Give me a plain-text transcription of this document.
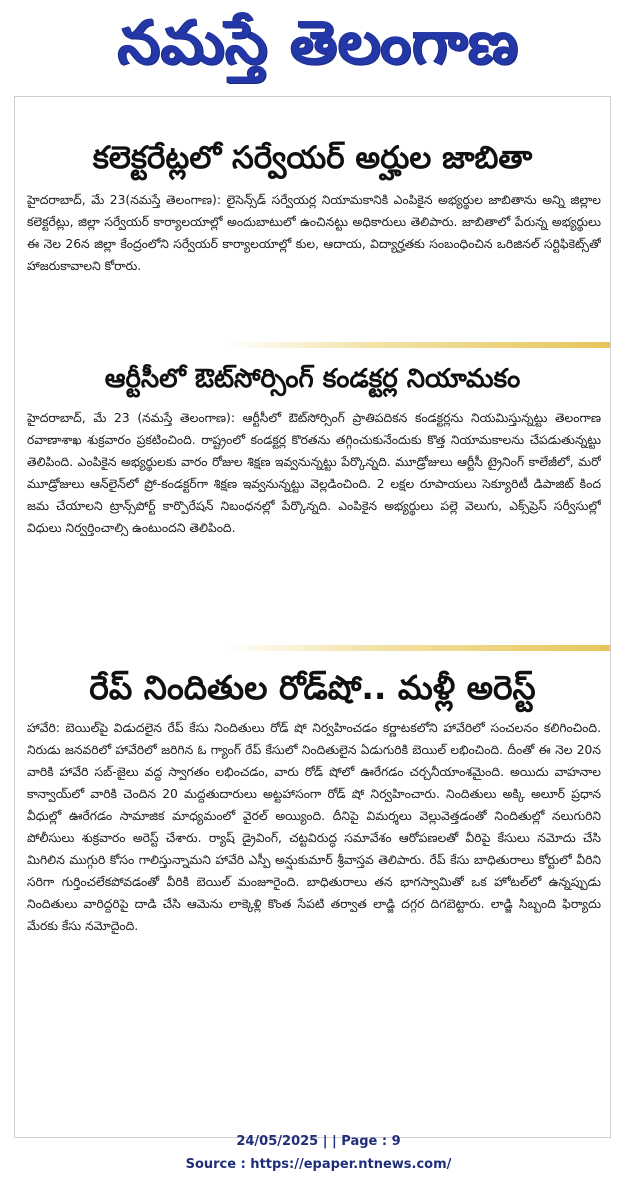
నమస్తే తెలంగాణ
కలెక్టరేట్లలో సర్వేయర్‌ అర్హుల జాబితా
హైదరాబాద్‌, మే 23(నమస్తే తెలంగాణ): లైసెన్స్‌డ్‌ సర్వేయర్ల నియామకానికి ఎంపికైన అభ్యర్థుల జాబితాను అన్ని జిల్లాల కలెక్టరేట్లు, జిల్లా సర్వేయర్‌ కార్యాలయాల్లో అందుబాటులో ఉంచినట్టు అధికారులు తెలిపారు. జాబితాలో పేరున్న అభ్యర్థులు ఈ నెల 26న జిల్లా కేంద్రంలోని సర్వేయర్‌ కార్యాలయాల్లో కుల, ఆదాయ, విద్యార్హతకు సంబంధించిన ఒరిజినల్‌ సర్టిఫికెట్స్‌తో హాజరుకావాలని కోరారు.
ఆర్టీసీలో ఔట్‌సోర్సింగ్‌ కండక్టర్ల నియామకం
హైదరాబాద్‌, మే 23 (నమస్తే తెలంగాణ): ఆర్టీసీలో ఔట్‌సోర్సింగ్‌ ప్రాతిపదికన కండక్టర్లను నియమిస్తున్నట్టు తెలంగాణ రవాణాశాఖ శుక్రవారం ప్రకటించింది. రాష్ట్రంలో కండక్టర్ల కొరతను తగ్గించుకునేందుకు కొత్త నియామకాలను చేపడుతున్నట్టు తెలిపింది. ఎంపికైన అభ్యర్థులకు వారం రోజుల శిక్షణ ఇవ్వనున్నట్టు పేర్కొన్నది. మూడ్రోజులు ఆర్టీసీ ట్రైనింగ్‌ కాలేజీలో, మరో మూడ్రోజులు ఆన్‌లైన్‌లో ప్రో-కండక్టర్‌గా శిక్షణ ఇవ్వనున్నట్టు వెల్లడించింది. 2 లక్షల రూపాయలు సెక్యూరిటీ డిపాజిట్‌ కింద జమ చేయాలని ట్రాన్స్‌పోర్ట్‌ కార్పొరేషన్‌ నిబంధనల్లో పేర్కొన్నది. ఎంపికైన అభ్యర్థులు పల్లె వెలుగు, ఎక్స్‌ప్రెస్‌ సర్వీసుల్లో విధులు నిర్వర్తించాల్సి ఉంటుందని తెలిపింది.
రేప్‌ నిందితుల రోడ్‌షో.. మళ్లీ అరెస్ట్‌
హావేరి: బెయిల్‌పై విడుదలైన రేప్‌ కేసు నిందితులు రోడ్‌ షో నిర్వహించడం కర్ణాటకలోని హావేరిలో సంచలనం కలిగించింది. నిరుడు జనవరిలో హావేరిలో జరిగిన ఓ గ్యాంగ్‌ రేప్‌ కేసులో నిందితులైన ఏడుగురికి బెయిల్‌ లభించింది. దీంతో ఈ నెల 20న వారికి హావేరి సబ్‌-జైలు వద్ద స్వాగతం లభించడం, వారు రోడ్‌ షోలో ఊరేగడం చర్చనీయాంశమైంది. అయిదు వాహనాల కాన్వాయ్‌లో వారికి చెందిన 20 మద్దతుదారులు అట్టహాసంగా రోడ్‌ షో నిర్వహించారు. నిందితులు అక్కి అలూర్‌ ప్రధాన వీధుల్లో ఊరేగడం సామాజిక మాధ్యమంలో వైరల్‌ అయ్యింది. దీనిపై విమర్శలు వెల్లువెత్తడంతో నిందితుల్లో నలుగురిని పోలీసులు శుక్రవారం అరెస్ట్‌ చేశారు. ర్యాష్‌ డ్రైవింగ్‌, చట్టవిరుద్ధ సమావేశం ఆరోపణలతో వీరిపై కేసులు నమోదు చేసి మిగిలిన ముగ్గురి కోసం గాలిస్తున్నామని హావేరి ఎస్పీ అన్షుకుమార్‌ శ్రీవాస్తవ తెలిపారు. రేప్‌ కేసు బాధితురాలు కోర్టులో వీరిని సరిగా గుర్తించలేకపోవడంతో వీరికి బెయిల్‌ మంజూరైంది. బాధితురాలు తన భాగస్వామితో ఒక హోటల్‌లో ఉన్నప్పుడు నిందితులు వారిద్దరిపై దాడి చేసి ఆమెను లాక్కెళ్లి కొంత సేపటి తర్వాత లాడ్జి దగ్గర దిగబెట్టారు. లాడ్జి సిబ్బంది ఫిర్యాదు మేరకు కేసు నమోదైంది.
24/05/2025 | | Page : 9
Source : https://epaper.ntnews.com/
